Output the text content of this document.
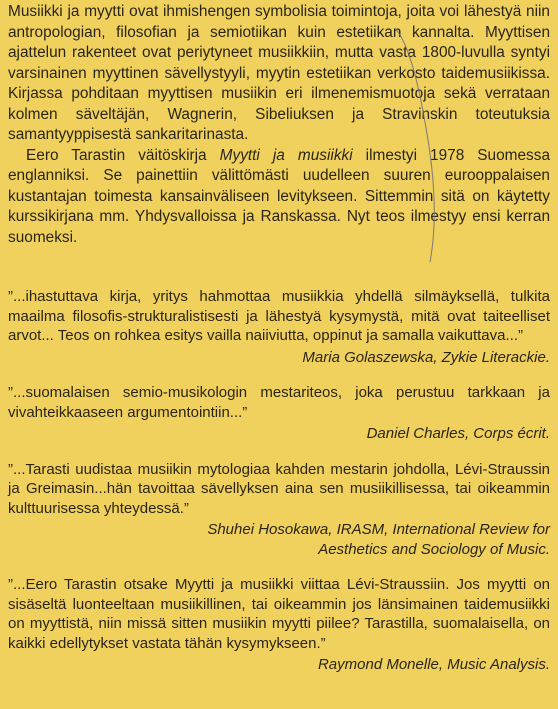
Musiikki ja myytti ovat ihmishengen symbolisia toimintoja, joita voi lähestyä niin antropologian, filosofian ja semiotiikan kuin estetiikan kannalta. Myyttisen ajattelun rakenteet ovat periytyneet musiikkiin, mutta vasta 1800-luvulla syntyi varsinainen myyttinen sävellystyyli, myytin estetiikan verkosto taidemusiikissa. Kirjassa pohditaan myyttisen musiikin eri ilmenemismuotoja sekä verrataan kolmen säveltäjän, Wagnerin, Sibeliuksen ja Stravinskin toteutuksia samantyyppisestä sankaritarinasta.

Eero Tarastin väitöskirja Myytti ja musiikki ilmestyi 1978 Suomessa englanniksi. Se painettiin välittömästi uudelleen suuren eurooppalaisen kustantajan toimesta kansainväliseen levitykseen. Sittemmin sitä on käytetty kurssikirjana mm. Yhdysvalloissa ja Ranskassa. Nyt teos ilmestyy ensi kerran suomeksi.

”...ihastuttava kirja, yritys hahmottaa musiikkia yhdellä silmäyksellä, tulkita maailma filosofis-strukturalistisesti ja lähestyä kysymystä, mitä ovat taiteelliset arvot... Teos on rohkea esitys vailla naiiviutta, oppinut ja samalla vaikuttava...”

Maria Golaszewska, Zykie Literackie.

”...suomalaisen semio-musikologin mestariteos, joka perustuu tarkkaan ja vivahteikkaaseen argumentointiin...”

Daniel Charles, Corps écrit.

”...Tarasti uudistaa musiikin mytologiaa kahden mestarin johdolla, Lévi-Straussin ja Greimasin...hän tavoittaa sävellyksen aina sen musiikillisessa, tai oikeammin kulttuurisessa yhteydessä.”

Shuhei Hosokawa, IRASM, International Review for Aesthetics and Sociology of Music.

”...Eero Tarastin otsake Myytti ja musiikki viittaa Lévi-Straussiin. Jos myytti on sisäseltä luonteeltaan musiikillinen, tai oikeammin jos länsimainen taidemusiikki on myyttistä, niin missä sitten musiikin myytti piilee? Tarastilla, suomalaisella, on kaikki edellytykset vastata tähän kysymykseen.”

Raymond Monelle, Music Analysis.
